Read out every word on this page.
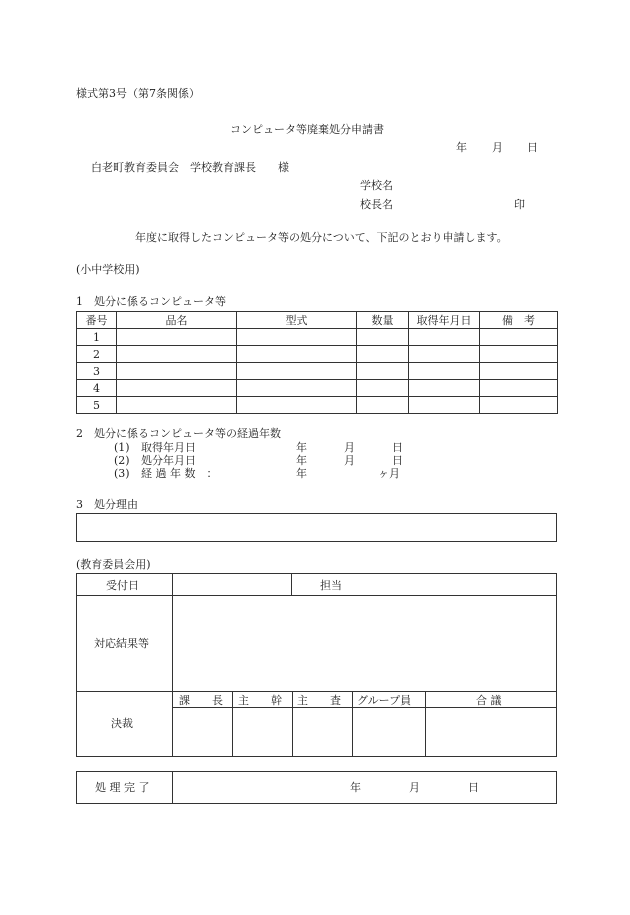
様式第3号（第7条関係）
コンピュータ等廃棄処分申請書
年 月 日
白老町教育委員会　学校教育課長　　様
学校名
校長名	印
年度に取得したコンピュータ等の処分について、下記のとおり申請します。
(小中学校用)
1　処分に係るコンピュータ等
番号	品名	型式	数量	取得年月日	備　考
1					
2					
3					
4					
5					
2　処分に係るコンピュータ等の経過年数
(1) 取得年月日	年	月	日
(2) 処分年月日	年	月	日
(3) 経 過 年 数　：	年	ヶ月
3　処分理由
(教育委員会用)
受付日	担当
対応結果等
決裁
課　　長 主　　幹 主　　査 グループ員	合 議
処 理 完 了	年	月	日
